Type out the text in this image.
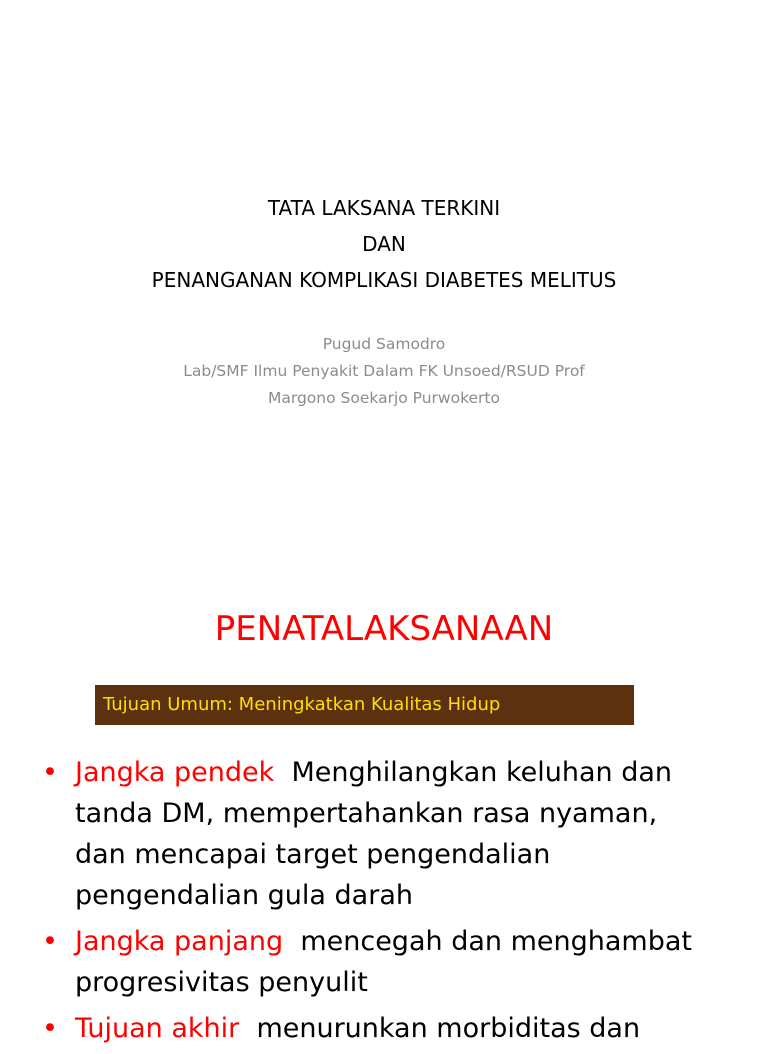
TATA LAKSANA TERKINI
DAN
PENANGANAN KOMPLIKASI DIABETES MELITUS
Pugud Samodro
Lab/SMF Ilmu Penyakit Dalam FK Unsoed/RSUD Prof
Margono Soekarjo Purwokerto
PENATALAKSANAAN
Tujuan Umum: Meningkatkan Kualitas Hidup
• Jangka pendek Menghilangkan keluhan dan
tanda DM, mempertahankan rasa nyaman,
dan mencapai target pengendalian
pengendalian gula darah
• Jangka panjang mencegah dan menghambat
progresivitas penyulit
• Tujuan akhir menurunkan morbiditas dan
